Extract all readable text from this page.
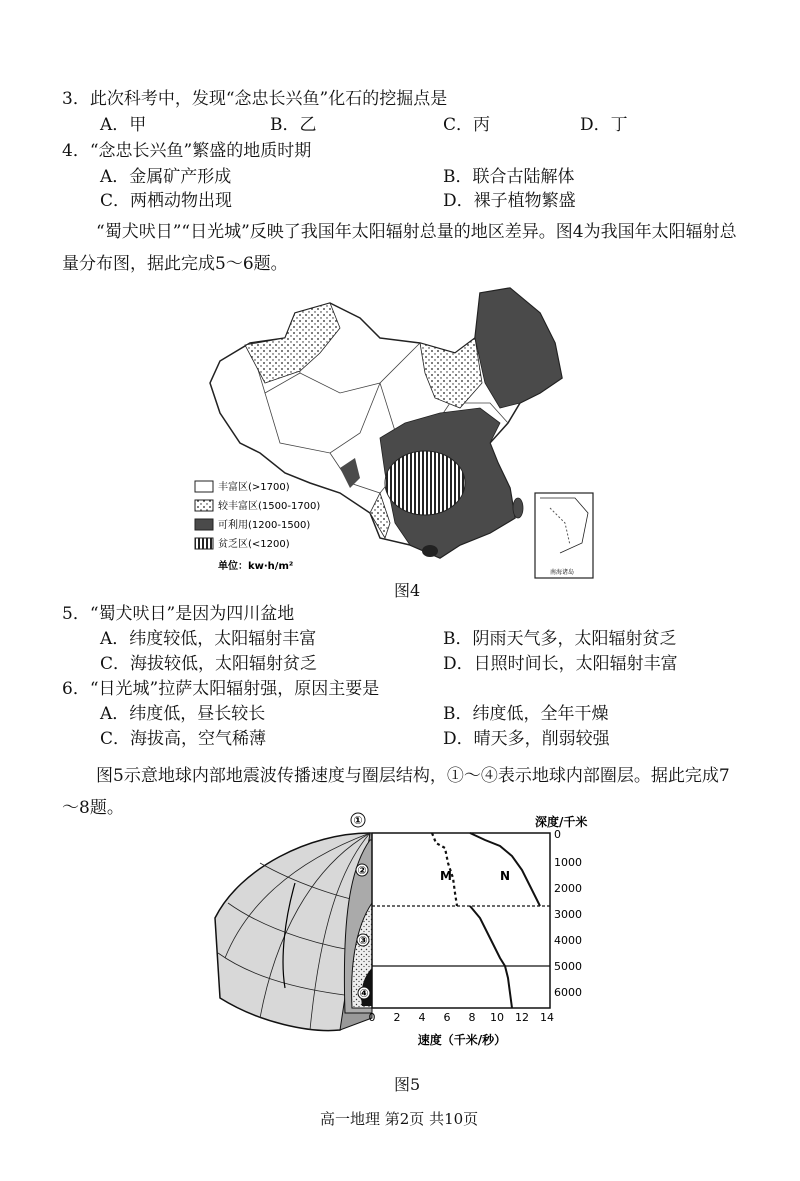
3．此次科考中，发现“念忠长兴鱼”化石的挖掘点是
A．甲	B．乙	C．丙	D．丁
4．“念忠长兴鱼”繁盛的地质时期
A．金属矿产形成	B．联合古陆解体
C．两栖动物出现	D．裸子植物繁盛
“蜀犬吠日”“日光城”反映了我国年太阳辐射总量的地区差异。图4为我国年太阳辐射总量分布图，据此完成5～6题。
南海诸岛
丰富区(>1700)
较丰富区(1500-1700)
可利用(1200-1500)
贫乏区(<1200)
单位：kw·h/m²
图4
5．“蜀犬吠日”是因为四川盆地
A．纬度较低，太阳辐射丰富	B．阴雨天气多，太阳辐射贫乏
C．海拔较低，太阳辐射贫乏	D．日照时间长，太阳辐射丰富
6．“日光城”拉萨太阳辐射强，原因主要是
A．纬度低，昼长较长	B．纬度低，全年干燥
C．海拔高，空气稀薄	D．晴天多，削弱较强
图5示意地球内部地震波传播速度与圈层结构，①～④表示地球内部圈层。据此完成7～8题。
①
②
③
④
M	N
深度/千米
0
1000
2000
3000
4000
5000
6000
0 2 4 6 8 10 12 14
速度（千米/秒）
图5
高一地理 第2页 共10页
